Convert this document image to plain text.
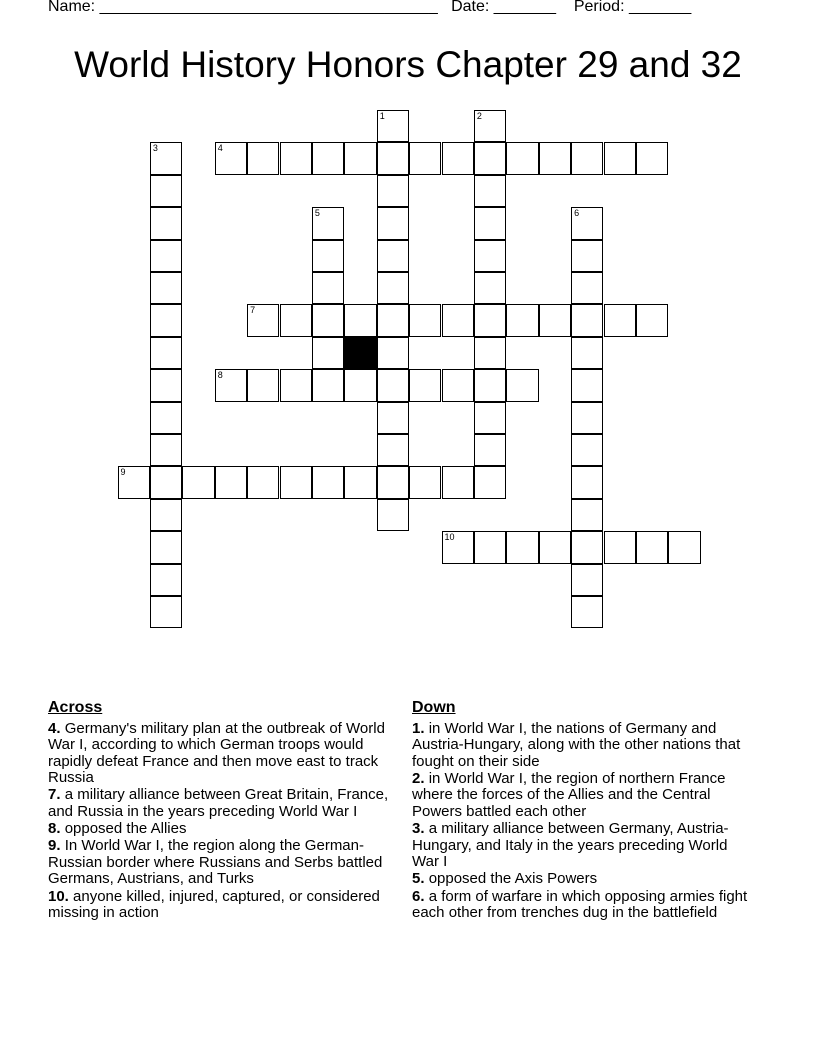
Name: ______________________________________ Date: _______ Period: _______
World History Honors Chapter 29 and 32
4
7
8
9
10
1	2
3
5	6
Across
4. Germany's military plan at the outbreak of World War I, according to which German troops would rapidly defeat France and then move east to track Russia
7. a military alliance between Great Britain, France, and Russia in the years preceding World War I
8. opposed the Allies
9. In World War I, the region along the German-Russian border where Russians and Serbs battled Germans, Austrians, and Turks
10. anyone killed, injured, captured, or considered missing in action
Down
1. in World War I, the nations of Germany and Austria-Hungary, along with the other nations that fought on their side
2. in World War I, the region of northern France where the forces of the Allies and the Central Powers battled each other
3. a military alliance between Germany, Austria-Hungary, and Italy in the years preceding World War I
5. opposed the Axis Powers
6. a form of warfare in which opposing armies fight each other from trenches dug in the battlefield
